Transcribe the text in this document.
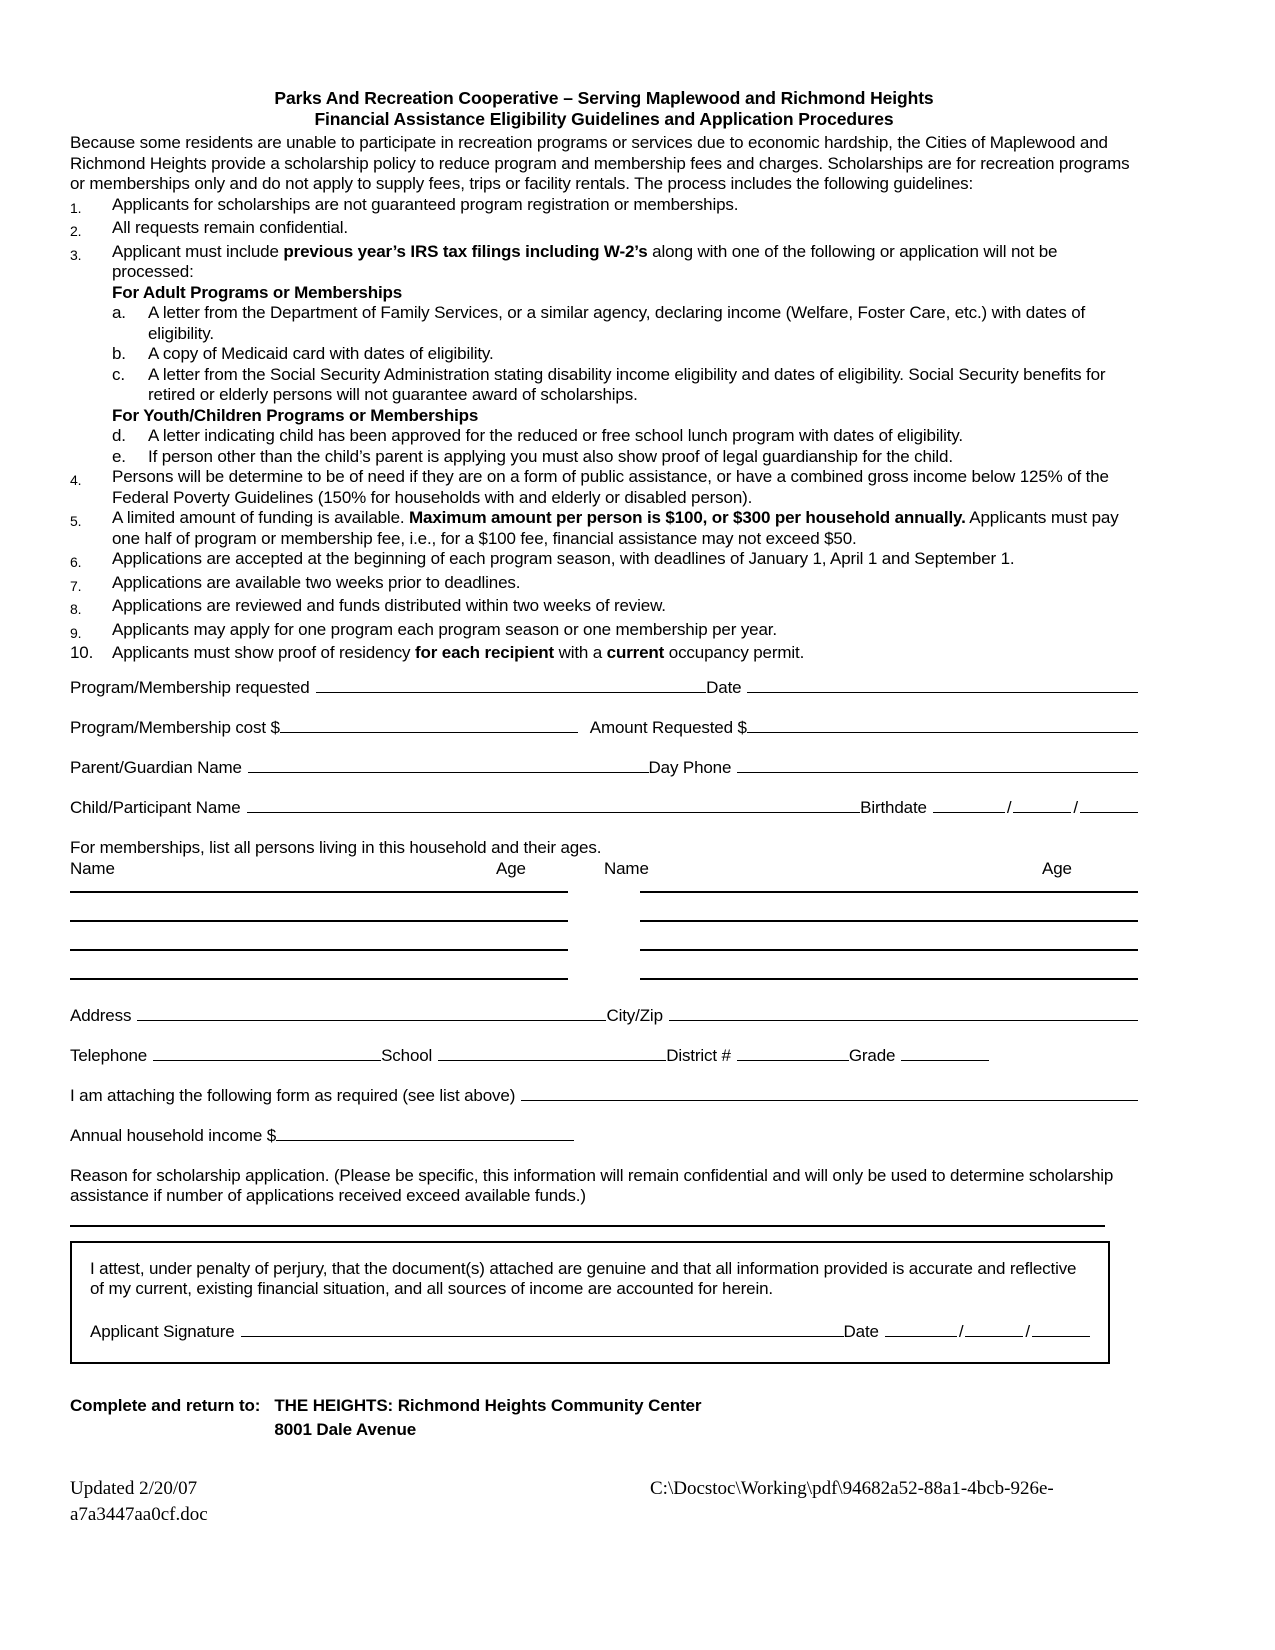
Parks And Recreation Cooperative – Serving Maplewood and Richmond Heights
Financial Assistance Eligibility Guidelines and Application Procedures
Because some residents are unable to participate in recreation programs or services due to economic hardship, the Cities of Maplewood and Richmond Heights provide a scholarship policy to reduce program and membership fees and charges. Scholarships are for recreation programs or memberships only and do not apply to supply fees, trips or facility rentals. The process includes the following guidelines:
1.	Applicants for scholarships are not guaranteed program registration or memberships.
2.	All requests remain confidential.
3.	Applicant must include previous year’s IRS tax filings including W-2’s along with one of the following or application will not be processed:
For Adult Programs or Memberships
a.	A letter from the Department of Family Services, or a similar agency, declaring income (Welfare, Foster Care, etc.) with dates of eligibility.
b.	A copy of Medicaid card with dates of eligibility.
c.	A letter from the Social Security Administration stating disability income eligibility and dates of eligibility. Social Security benefits for retired or elderly persons will not guarantee award of scholarships.
For Youth/Children Programs or Memberships
d.	A letter indicating child has been approved for the reduced or free school lunch program with dates of eligibility.
e.	If person other than the child’s parent is applying you must also show proof of legal guardianship for the child.
4.	Persons will be determine to be of need if they are on a form of public assistance, or have a combined gross income below 125% of the Federal Poverty Guidelines (150% for households with and elderly or disabled person).
5.	A limited amount of funding is available. Maximum amount per person is $100, or $300 per household annually. Applicants must pay one half of program or membership fee, i.e., for a $100 fee, financial assistance may not exceed $50.
6.	Applications are accepted at the beginning of each program season, with deadlines of January 1, April 1 and September 1.
7.	Applications are available two weeks prior to deadlines.
8.	Applications are reviewed and funds distributed within two weeks of review.
9.	Applicants may apply for one program each program season or one membership per year.
10.	Applicants must show proof of residency for each recipient with a current occupancy permit.
Program/Membership requested	Date
Program/Membership cost $	Amount Requested $
Parent/Guardian Name	Day Phone
Child/Participant Name	Birthdate	/	/
For memberships, list all persons living in this household and their ages.
Name	Age	Name	Age
Address	City/Zip
Telephone	School	District #	Grade
I am attaching the following form as required (see list above)
Annual household income $
Reason for scholarship application. (Please be specific, this information will remain confidential and will only be used to determine scholarship assistance if number of applications received exceed available funds.)
I attest, under penalty of perjury, that the document(s) attached are genuine and that all information provided is accurate and reflective of my current, existing financial situation, and all sources of income are accounted for herein.
Applicant Signature	Date	/	/
Complete and return to: THE HEIGHTS: Richmond Heights Community Center
8001 Dale Avenue
Updated 2/20/07	C:\Docstoc\Working\pdf\94682a52-88a1-4bcb-926e-
a7a3447aa0cf.doc
